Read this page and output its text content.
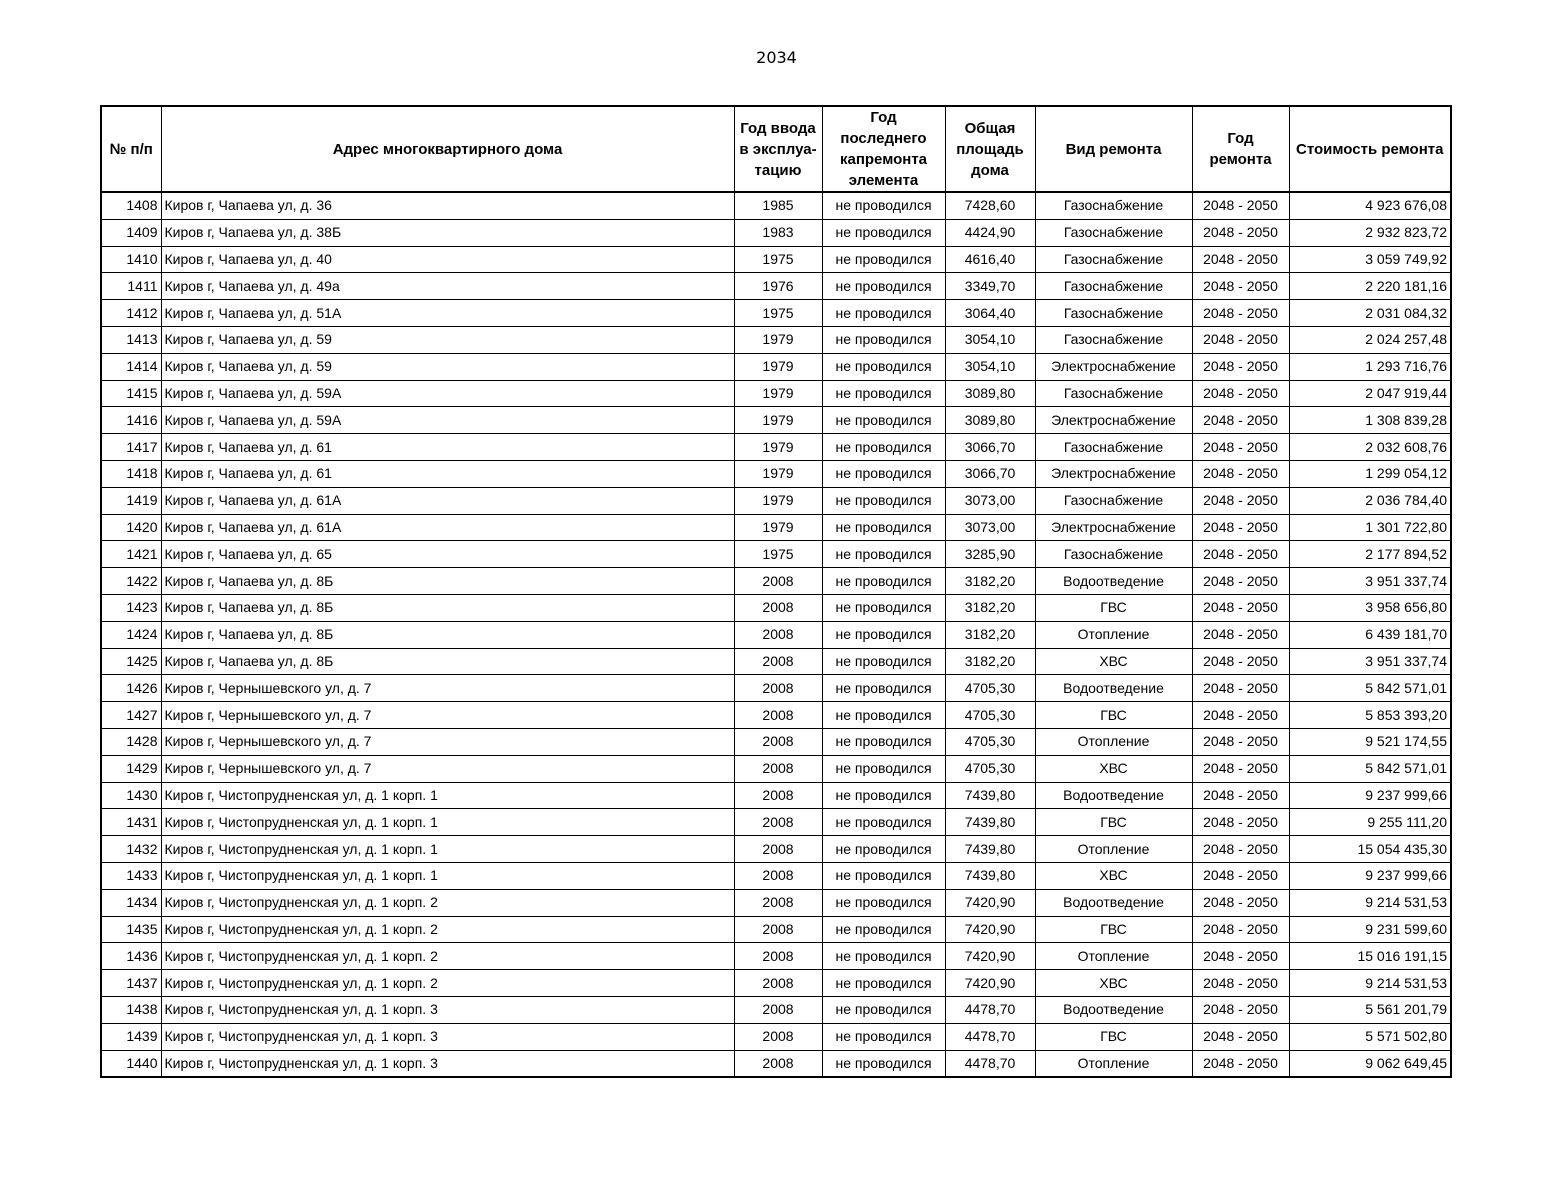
2034
№ п/п	Адрес многоквартирного дома	Год ввода в эксплуа-тацию	Год последнего капремонта элемента	Общая площадь дома	Вид ремонта	Год ремонта	Стоимость ремонта
1408	Киров г, Чапаева ул, д. 36	1985	не проводился	7428,60	Газоснабжение	2048 - 2050	4 923 676,08
1409	Киров г, Чапаева ул, д. 38Б	1983	не проводился	4424,90	Газоснабжение	2048 - 2050	2 932 823,72
1410	Киров г, Чапаева ул, д. 40	1975	не проводился	4616,40	Газоснабжение	2048 - 2050	3 059 749,92
1411	Киров г, Чапаева ул, д. 49а	1976	не проводился	3349,70	Газоснабжение	2048 - 2050	2 220 181,16
1412	Киров г, Чапаева ул, д. 51А	1975	не проводился	3064,40	Газоснабжение	2048 - 2050	2 031 084,32
1413	Киров г, Чапаева ул, д. 59	1979	не проводился	3054,10	Газоснабжение	2048 - 2050	2 024 257,48
1414	Киров г, Чапаева ул, д. 59	1979	не проводился	3054,10	Электроснабжение	2048 - 2050	1 293 716,76
1415	Киров г, Чапаева ул, д. 59А	1979	не проводился	3089,80	Газоснабжение	2048 - 2050	2 047 919,44
1416	Киров г, Чапаева ул, д. 59А	1979	не проводился	3089,80	Электроснабжение	2048 - 2050	1 308 839,28
1417	Киров г, Чапаева ул, д. 61	1979	не проводился	3066,70	Газоснабжение	2048 - 2050	2 032 608,76
1418	Киров г, Чапаева ул, д. 61	1979	не проводился	3066,70	Электроснабжение	2048 - 2050	1 299 054,12
1419	Киров г, Чапаева ул, д. 61А	1979	не проводился	3073,00	Газоснабжение	2048 - 2050	2 036 784,40
1420	Киров г, Чапаева ул, д. 61А	1979	не проводился	3073,00	Электроснабжение	2048 - 2050	1 301 722,80
1421	Киров г, Чапаева ул, д. 65	1975	не проводился	3285,90	Газоснабжение	2048 - 2050	2 177 894,52
1422	Киров г, Чапаева ул, д. 8Б	2008	не проводился	3182,20	Водоотведение	2048 - 2050	3 951 337,74
1423	Киров г, Чапаева ул, д. 8Б	2008	не проводился	3182,20	ГВС	2048 - 2050	3 958 656,80
1424	Киров г, Чапаева ул, д. 8Б	2008	не проводился	3182,20	Отопление	2048 - 2050	6 439 181,70
1425	Киров г, Чапаева ул, д. 8Б	2008	не проводился	3182,20	ХВС	2048 - 2050	3 951 337,74
1426	Киров г, Чернышевского ул, д. 7	2008	не проводился	4705,30	Водоотведение	2048 - 2050	5 842 571,01
1427	Киров г, Чернышевского ул, д. 7	2008	не проводился	4705,30	ГВС	2048 - 2050	5 853 393,20
1428	Киров г, Чернышевского ул, д. 7	2008	не проводился	4705,30	Отопление	2048 - 2050	9 521 174,55
1429	Киров г, Чернышевского ул, д. 7	2008	не проводился	4705,30	ХВС	2048 - 2050	5 842 571,01
1430	Киров г, Чистопрудненская ул, д. 1 корп. 1	2008	не проводился	7439,80	Водоотведение	2048 - 2050	9 237 999,66
1431	Киров г, Чистопрудненская ул, д. 1 корп. 1	2008	не проводился	7439,80	ГВС	2048 - 2050	9 255 111,20
1432	Киров г, Чистопрудненская ул, д. 1 корп. 1	2008	не проводился	7439,80	Отопление	2048 - 2050	15 054 435,30
1433	Киров г, Чистопрудненская ул, д. 1 корп. 1	2008	не проводился	7439,80	ХВС	2048 - 2050	9 237 999,66
1434	Киров г, Чистопрудненская ул, д. 1 корп. 2	2008	не проводился	7420,90	Водоотведение	2048 - 2050	9 214 531,53
1435	Киров г, Чистопрудненская ул, д. 1 корп. 2	2008	не проводился	7420,90	ГВС	2048 - 2050	9 231 599,60
1436	Киров г, Чистопрудненская ул, д. 1 корп. 2	2008	не проводился	7420,90	Отопление	2048 - 2050	15 016 191,15
1437	Киров г, Чистопрудненская ул, д. 1 корп. 2	2008	не проводился	7420,90	ХВС	2048 - 2050	9 214 531,53
1438	Киров г, Чистопрудненская ул, д. 1 корп. 3	2008	не проводился	4478,70	Водоотведение	2048 - 2050	5 561 201,79
1439	Киров г, Чистопрудненская ул, д. 1 корп. 3	2008	не проводился	4478,70	ГВС	2048 - 2050	5 571 502,80
1440	Киров г, Чистопрудненская ул, д. 1 корп. 3	2008	не проводился	4478,70	Отопление	2048 - 2050	9 062 649,45
